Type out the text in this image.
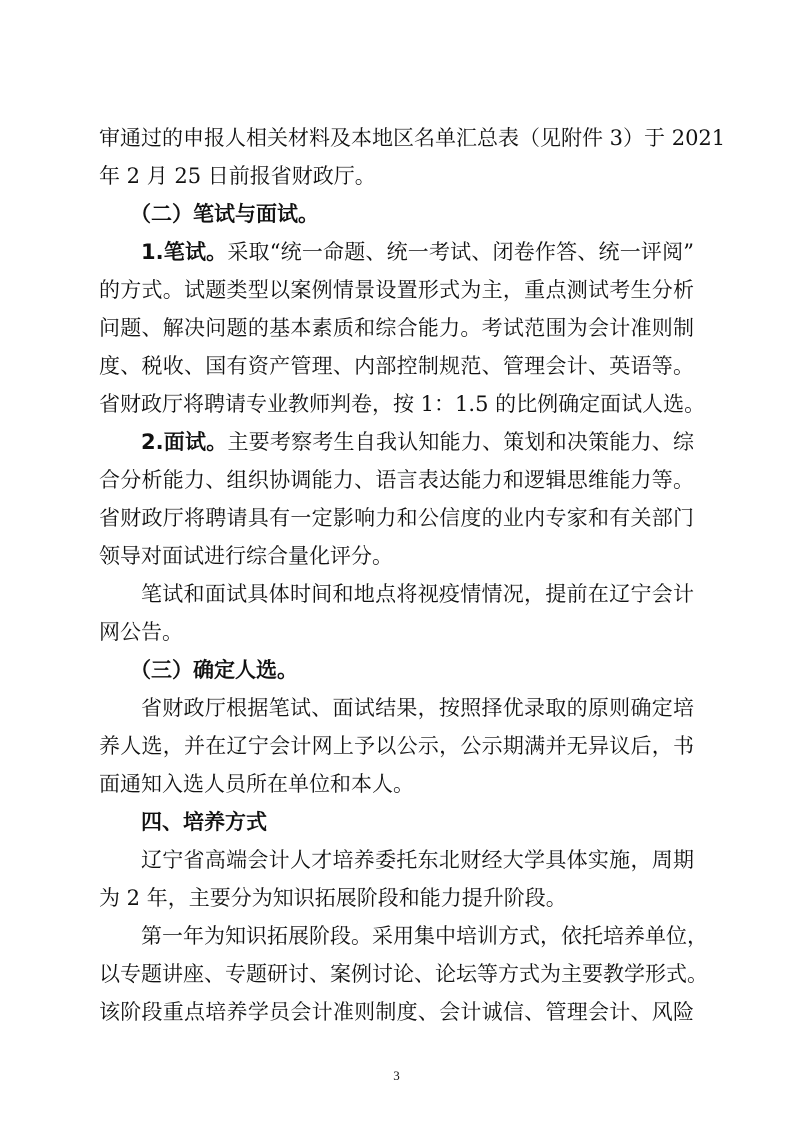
审通过的申报人相关材料及本地区名单汇总表（见附件 3）于 2021
年 2 月 25 日前报省财政厅。
（二）笔试与面试。
1.笔试。采取“统一命题、统一考试、闭卷作答、统一评阅”
的方式。试题类型以案例情景设置形式为主，重点测试考生分析
问题、解决问题的基本素质和综合能力。考试范围为会计准则制
度、税收、国有资产管理、内部控制规范、管理会计、英语等。
省财政厅将聘请专业教师判卷，按 1：1.5 的比例确定面试人选。
2.面试。主要考察考生自我认知能力、策划和决策能力、综
合分析能力、组织协调能力、语言表达能力和逻辑思维能力等。
省财政厅将聘请具有一定影响力和公信度的业内专家和有关部门
领导对面试进行综合量化评分。
笔试和面试具体时间和地点将视疫情情况，提前在辽宁会计
网公告。
（三）确定人选。
省财政厅根据笔试、面试结果，按照择优录取的原则确定培
养人选，并在辽宁会计网上予以公示，公示期满并无异议后，书
面通知入选人员所在单位和本人。
四、培养方式
辽宁省高端会计人才培养委托东北财经大学具体实施，周期
为 2 年，主要分为知识拓展阶段和能力提升阶段。
第一年为知识拓展阶段。采用集中培训方式，依托培养单位，
以专题讲座、专题研讨、案例讨论、论坛等方式为主要教学形式。
该阶段重点培养学员会计准则制度、会计诚信、管理会计、风险
3
